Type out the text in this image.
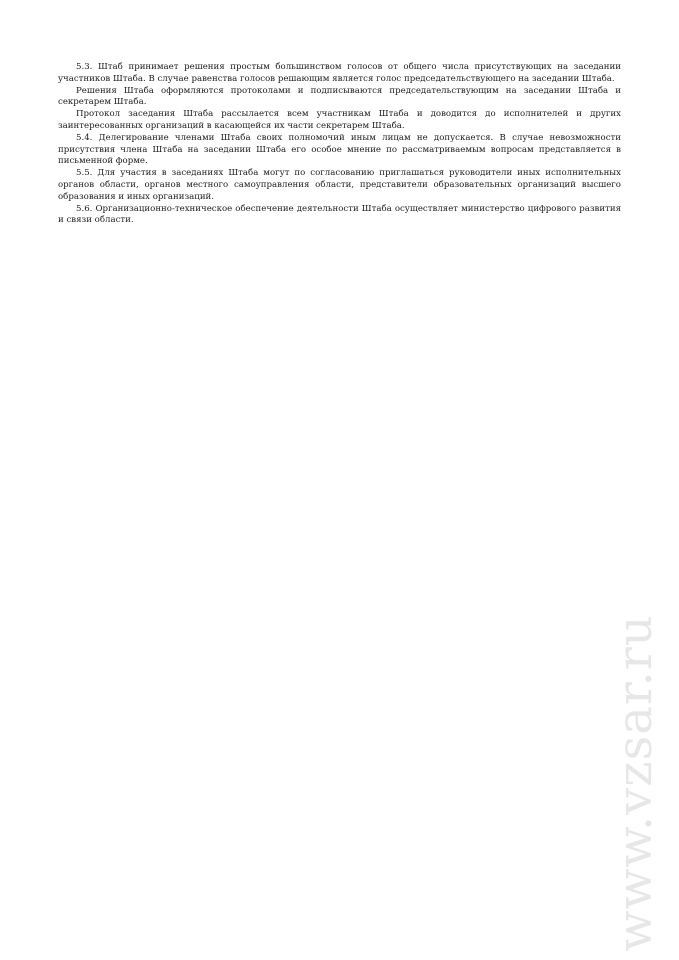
5.3. Штаб принимает решения простым большинством голосов от общего числа присутствующих на заседании участников Штаба. В случае равенства голосов решающим является голос председательствующего на заседании Штаба.

Решения Штаба оформляются протоколами и подписываются председательствующим на заседании Штаба и секретарем Штаба.

Протокол заседания Штаба рассылается всем участникам Штаба и доводится до исполнителей и других заинтересованных организаций в касающейся их части секретарем Штаба.

5.4. Делегирование членами Штаба своих полномочий иным лицам не допускается. В случае невозможности присутствия члена Штаба на заседании Штаба его особое мнение по рассматриваемым вопросам представляется в письменной форме.

5.5. Для участия в заседаниях Штаба могут по согласованию приглашаться руководители иных исполнительных органов области, органов местного самоуправления области, представители образовательных организаций высшего образования и иных организаций.

5.6. Организационно-техническое обеспечение деятельности Штаба осуществляет министерство цифрового развития и связи области.

www.vzsar.ru
